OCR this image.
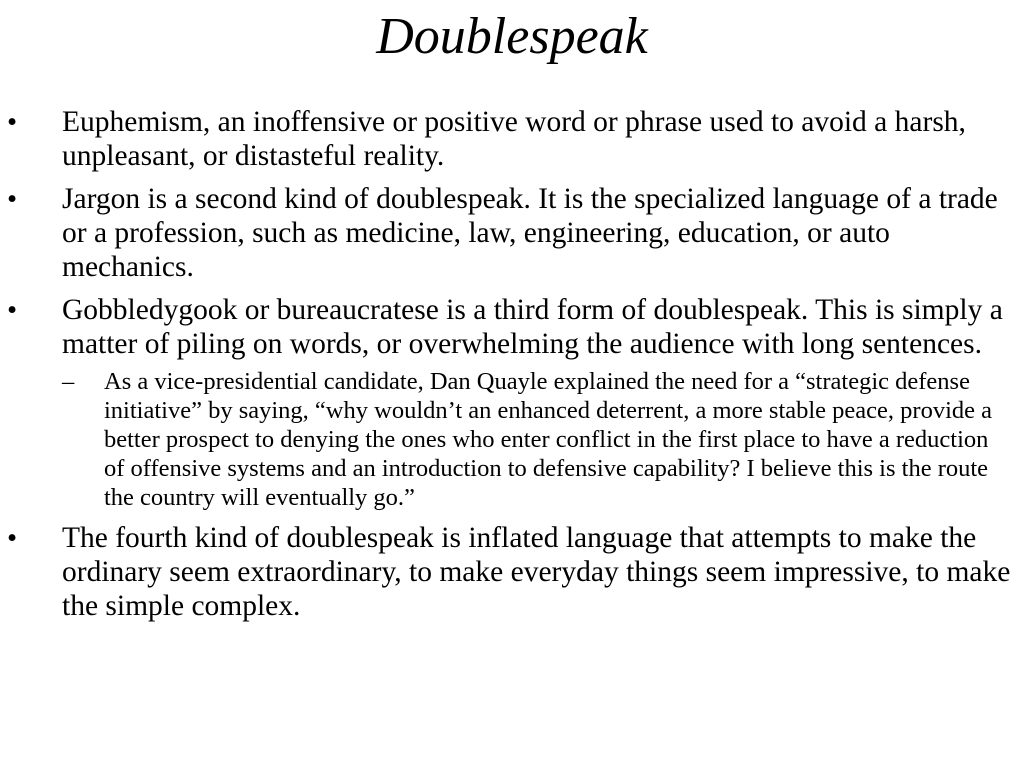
Doublespeak
•	Euphemism, an inoffensive or positive word or phrase used to avoid a harsh, unpleasant, or distasteful reality.
•	Jargon is a second kind of doublespeak. It is the specialized language of a trade or a profession, such as medicine, law, engineering, education, or auto mechanics.
•	Gobbledygook or bureaucratese is a third form of doublespeak. This is simply a matter of piling on words, or overwhelming the audience with long sentences.
–	As a vice-presidential candidate, Dan Quayle explained the need for a “strategic defense initiative” by saying, “why wouldn’t an enhanced deterrent, a more stable peace, provide a better prospect to denying the ones who enter conflict in the first place to have a reduction of offensive systems and an introduction to defensive capability? I believe this is the route the country will eventually go.”
•	The fourth kind of doublespeak is inflated language that attempts to make the ordinary seem extraordinary, to make everyday things seem impressive, to make the simple complex.
